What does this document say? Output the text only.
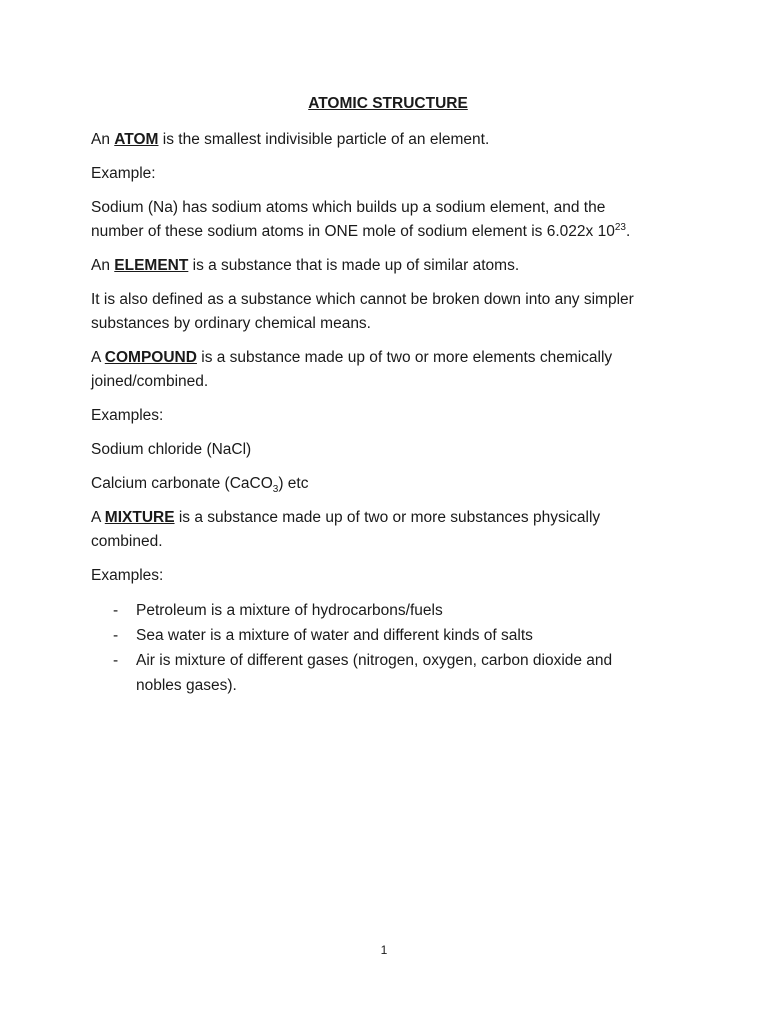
ATOMIC STRUCTURE

An ATOM is the smallest indivisible particle of an element.

Example:

Sodium (Na) has sodium atoms which builds up a sodium element, and the number of these sodium atoms in ONE mole of sodium element is 6.022x $10^{23}$.

An ELEMENT is a substance that is made up of similar atoms.

It is also defined as a substance which cannot be broken down into any simpler substances by ordinary chemical means.

A COMPOUND is a substance made up of two or more elements chemically joined/combined.

Examples:

Sodium chloride (NaCl)

Calcium carbonate (CaCO$_3$) etc

A MIXTURE is a substance made up of two or more substances physically combined.

Examples:

- Petroleum is a mixture of hydrocarbons/fuels
- Sea water is a mixture of water and different kinds of salts
- Air is mixture of different gases (nitrogen, oxygen, carbon dioxide and nobles gases).
1
